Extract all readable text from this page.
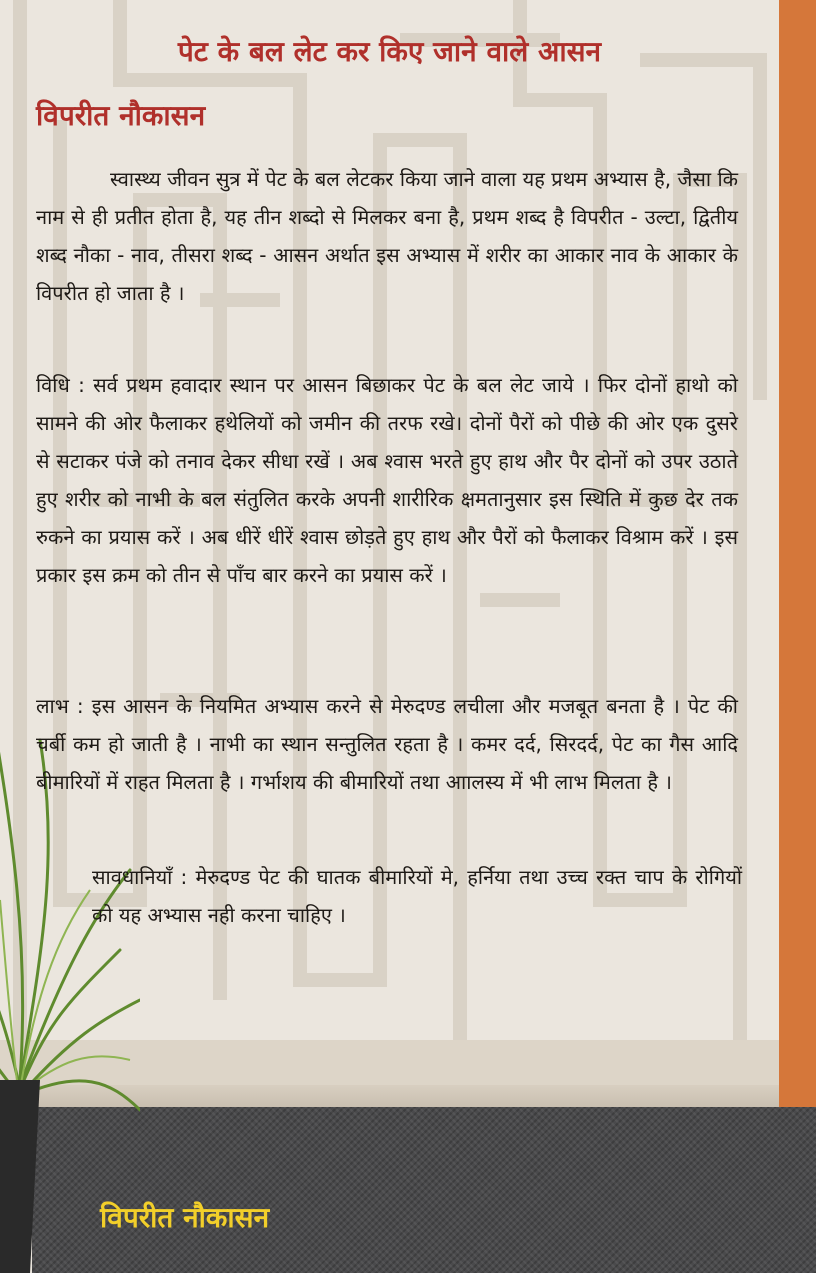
पेट के बल लेट कर किए जाने वाले आसन
विपरीत नौकासन

स्वास्थ्य जीवन सुत्र में पेट के बल लेटकर किया जाने वाला यह प्रथम अभ्यास है, जैसा कि नाम से ही प्रतीत होता है, यह तीन शब्दो से मिलकर बना है, प्रथम शब्द है विपरीत - उल्टा, द्वितीय शब्द नौका - नाव, तीसरा शब्द - आसन अर्थात इस अभ्यास में शरीर का आकार नाव के आकार के विपरीत हो जाता है ।

विधि : सर्व प्रथम हवादार स्थान पर आसन बिछाकर पेट के बल लेट जाये । फिर दोनों हाथो को सामने की ओर फैलाकर हथेलियों को जमीन की तरफ रखे। दोनों पैरों को पीछे की ओर एक दुसरे से सटाकर पंजे को तनाव देकर सीधा रखें । अब श्वास भरते हुए हाथ और पैर दोनों को उपर उठाते हुए शरीर को नाभी के बल संतुलित करके अपनी शारीरिक क्षमतानुसार इस स्थिति में कुछ देर तक रुकने का प्रयास करें । अब धीरें धीरें श्वास छोड़ते हुए हाथ और पैरों को फैलाकर विश्राम करें । इस प्रकार इस क्रम को तीन से पाँच बार करने का प्रयास करें ।

लाभ : इस आसन के नियमित अभ्यास करने से मेरुदण्ड लचीला और मजबूत बनता है । पेट की चर्बी कम हो जाती है । नाभी का स्थान सन्तुलित रहता है । कमर दर्द, सिरदर्द, पेट का गैस आदि बीमारियों में राहत मिलता है । गर्भाशय की बीमारियों तथा आालस्य में भी लाभ मिलता है ।

सावधानियाँ : मेरुदण्ड पेट की घातक बीमारियों मे, हर्निया तथा उच्च रक्त चाप के रोगियों को यह अभ्यास नही करना चाहिए ।

विपरीत नौकासन
